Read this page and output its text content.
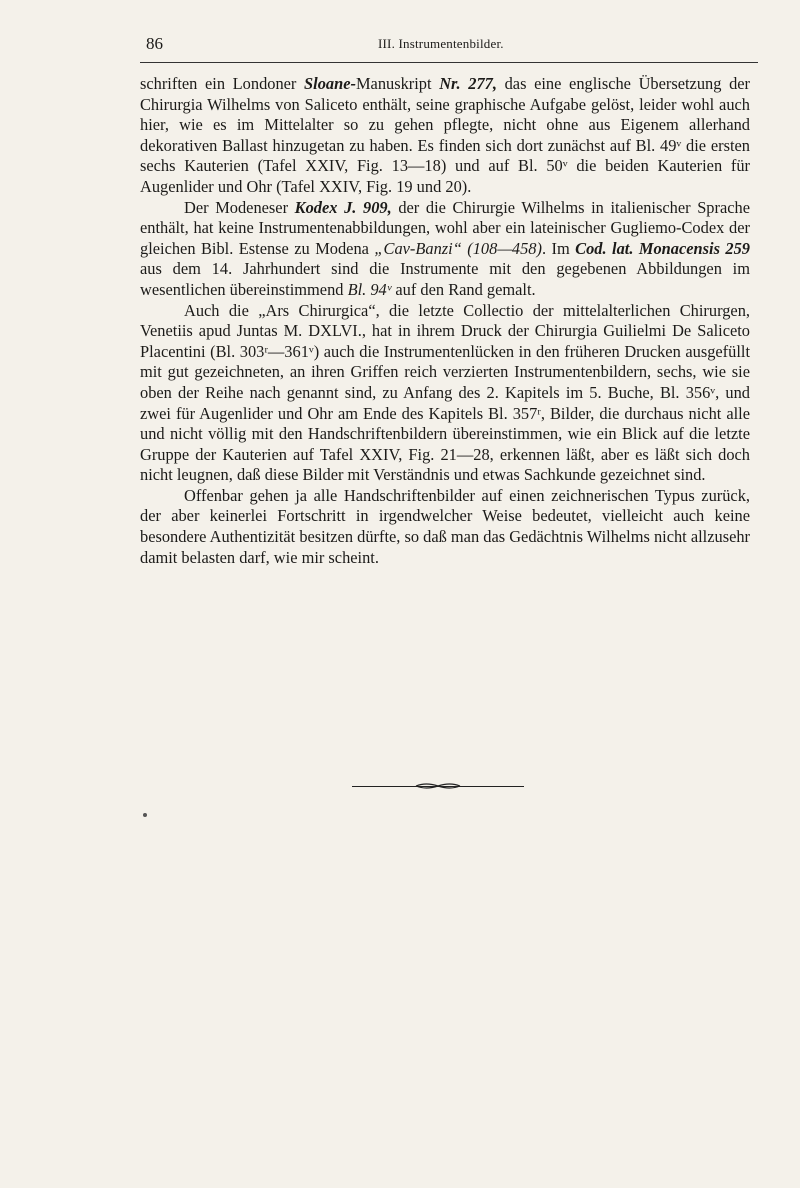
86	III. Instrumentenbilder.

schriften ein Londoner Sloane-Manuskript Nr. 277, das eine englische Übersetzung der Chirurgia Wilhelms von Saliceto enthält, seine graphische Aufgabe gelöst, leider wohl auch hier, wie es im Mittelalter so zu gehen pflegte, nicht ohne aus Eigenem allerhand dekorativen Ballast hinzugetan zu haben. Es finden sich dort zunächst auf Bl. 49ᵛ die ersten sechs Kauterien (Tafel XXIV, Fig. 13—18) und auf Bl. 50ᵛ die beiden Kauterien für Augenlider und Ohr (Tafel XXIV, Fig. 19 und 20).

Der Modeneser Kodex J. 909, der die Chirurgie Wilhelms in italienischer Sprache enthält, hat keine Instrumentenabbildungen, wohl aber ein lateinischer Gugliemo-Codex der gleichen Bibl. Estense zu Modena „Cav-Banzi“ (108—458). Im Cod. lat. Monacensis 259 aus dem 14. Jahrhundert sind die Instrumente mit den gegebenen Abbildungen im wesentlichen übereinstimmend Bl. 94ᵛ auf den Rand gemalt.

Auch die „Ars Chirurgica“, die letzte Collectio der mittelalterlichen Chirurgen, Venetiis apud Juntas M. DXLVI., hat in ihrem Druck der Chirurgia Guilielmi De Saliceto Placentini (Bl. 303ʳ—361ᵛ) auch die Instrumentenlücken in den früheren Drucken ausgefüllt mit gut gezeichneten, an ihren Griffen reich verzierten Instrumentenbildern, sechs, wie sie oben der Reihe nach genannt sind, zu Anfang des 2. Kapitels im 5. Buche, Bl. 356ᵛ, und zwei für Augenlider und Ohr am Ende des Kapitels Bl. 357ʳ, Bilder, die durchaus nicht alle und nicht völlig mit den Handschriftenbildern übereinstimmen, wie ein Blick auf die letzte Gruppe der Kauterien auf Tafel XXIV, Fig. 21—28, erkennen läßt, aber es läßt sich doch nicht leugnen, daß diese Bilder mit Verständnis und etwas Sachkunde gezeichnet sind.

Offenbar gehen ja alle Handschriftenbilder auf einen zeichnerischen Typus zurück, der aber keinerlei Fortschritt in irgendwelcher Weise bedeutet, vielleicht auch keine besondere Authentizität besitzen dürfte, so daß man das Gedächtnis Wilhelms nicht allzusehr damit belasten darf, wie mir scheint.
